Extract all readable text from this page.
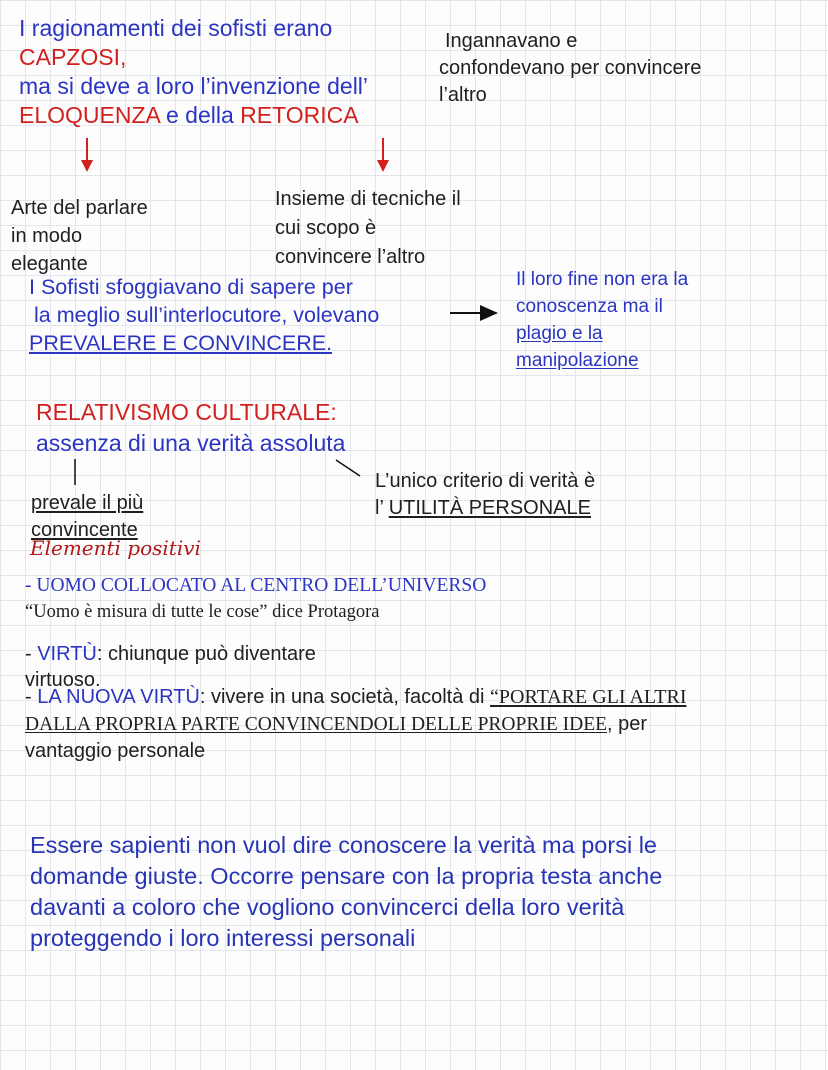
I ragionamenti dei sofisti erano
CAPZOSI,
ma si deve a loro l’invenzione dell’
ELOQUENZA e della RETORICA
Ingannavano e
confondevano per convincere
l’altro
Arte del parlare
in modo
elegante
Insieme di tecniche il
cui scopo è
convincere l’altro
I Sofisti sfoggiavano di sapere per
la meglio sull’interlocutore, volevano
PREVALERE E CONVINCERE.
Il loro fine non era la
conoscenza ma il
plagio e la
manipolazione
RELATIVISMO CULTURALE:
assenza di una verità assoluta
prevale il più
convincente
L’unico criterio di verità è
l’ UTILITÀ PERSONALE
Elementi positivi
- UOMO COLLOCATO AL CENTRO DELL’UNIVERSO
“Uomo è misura di tutte le cose” dice Protagora
- VIRTÙ: chiunque può diventare
virtuoso.
- LA NUOVA VIRTÙ: vivere in una società, facoltà di “PORTARE GLI ALTRI
DALLA PROPRIA PARTE CONVINCENDOLI DELLE PROPRIE IDEE, per
vantaggio personale
Essere sapienti non vuol dire conoscere la verità ma porsi le
domande giuste. Occorre pensare con la propria testa anche
davanti a coloro che vogliono convincerci della loro verità
proteggendo i loro interessi personali
